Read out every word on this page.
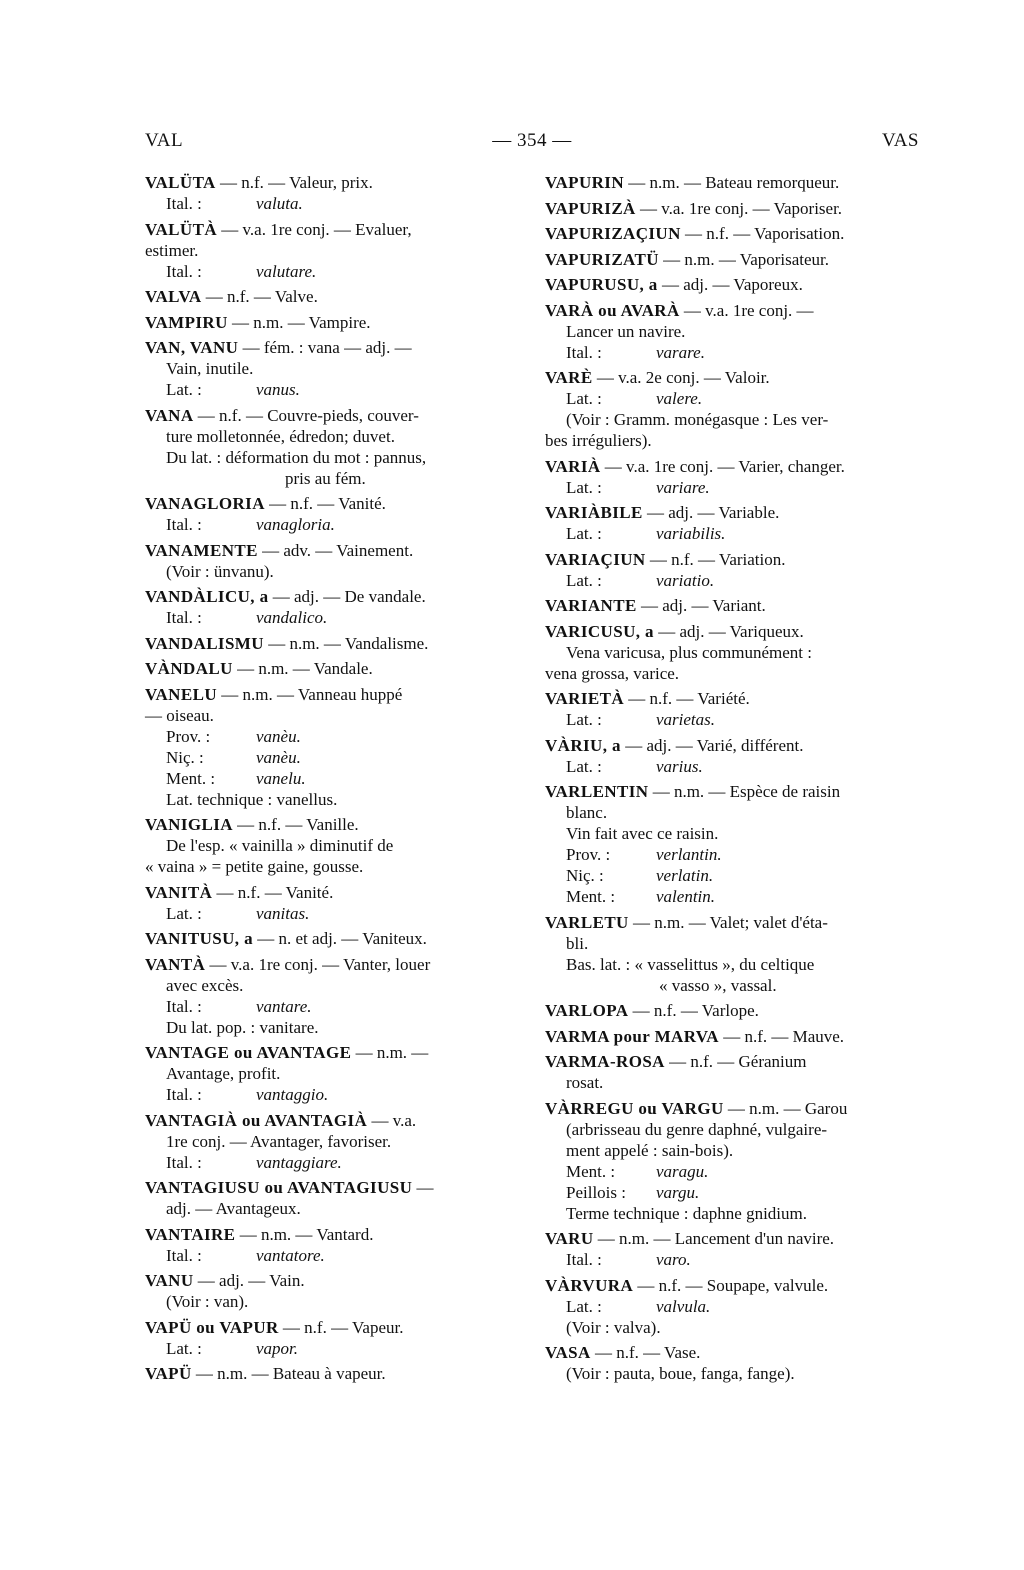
VAL	— 354 —	VAS
VALÜTA — n.f. — Valeur, prix.
Ital. :	valuta.
VALÜTÀ — v.a. 1re conj. — Evaluer,
estimer.
Ital. :	valutare.
VALVA — n.f. — Valve.
VAMPIRU — n.m. — Vampire.
VAN, VANU — fém. : vana — adj. —
Vain, inutile.
Lat. :	vanus.
VANA — n.f. — Couvre-pieds, couver-
ture molletonnée, édredon; duvet.
Du lat. : déformation du mot : pannus,
pris au fém.
VANAGLORIA — n.f. — Vanité.
Ital. :	vanagloria.
VANAMENTE — adv. — Vainement.
(Voir : ünvanu).
VANDÀLICU, a — adj. — De vandale.
Ital. :	vandalico.
VANDALISMU — n.m. — Vandalisme.
VÀNDALU — n.m. — Vandale.
VANELU — n.m. — Vanneau huppé
— oiseau.
Prov. :	vanèu.
Niç. :	vanèu.
Ment. : vanelu.
Lat. technique : vanellus.
VANIGLIA — n.f. — Vanille.
De l'esp. « vainilla » diminutif de
« vaina » = petite gaine, gousse.
VANITÀ — n.f. — Vanité.
Lat. :	vanitas.
VANITUSU, a — n. et adj. — Vaniteux.
VANTÀ — v.a. 1re conj. — Vanter, louer
avec excès.
Ital. :	vantare.
Du lat. pop. : vanitare.
VANTAGE ou AVANTAGE — n.m. —
Avantage, profit.
Ital. :	vantaggio.
VANTAGIÀ ou AVANTAGIÀ — v.a.
1re conj. — Avantager, favoriser.
Ital. :	vantaggiare.
VANTAGIUSU ou AVANTAGIUSU —
adj. — Avantageux.
VANTAIRE — n.m. — Vantard.
Ital. :	vantatore.
VANU — adj. — Vain.
(Voir : van).
VAPÜ ou VAPUR — n.f. — Vapeur.
Lat. :	vapor.
VAPÜ — n.m. — Bateau à vapeur.
VAPURIN — n.m. — Bateau remorqueur.
VAPURIZÀ — v.a. 1re conj. — Vaporiser.
VAPURIZAÇIUN — n.f. — Vaporisation.
VAPURIZATÜ — n.m. — Vaporisateur.
VAPURUSU, a — adj. — Vaporeux.
VARÀ ou AVARÀ — v.a. 1re conj. —
Lancer un navire.
Ital. :	varare.
VARÈ — v.a. 2e conj. — Valoir.
Lat. :	valere.
(Voir : Gramm. monégasque : Les ver-
bes irréguliers).
VARIÀ — v.a. 1re conj. — Varier, changer.
Lat. :	variare.
VARIÀBILE — adj. — Variable.
Lat. :	variabilis.
VARIAÇIUN — n.f. — Variation.
Lat. :	variatio.
VARIANTE — adj. — Variant.
VARICUSU, a — adj. — Variqueux.
Vena varicusa, plus communément :
vena grossa, varice.
VARIETÀ — n.f. — Variété.
Lat. :	varietas.
VÀRIU, a — adj. — Varié, différent.
Lat. :	varius.
VARLENTIN — n.m. — Espèce de raisin
blanc.
Vin fait avec ce raisin.
Prov. :	verlantin.
Niç. :	verlatin.
Ment. : valentin.
VARLETU — n.m. — Valet; valet d'éta-
bli.
Bas. lat. : « vasselittus », du celtique
« vasso », vassal.
VARLOPA — n.f. — Varlope.
VARMA pour MARVA — n.f. — Mauve.
VARMA-ROSA — n.f. — Géranium
rosat.
VÀRREGU ou VARGU — n.m. — Garou
(arbrisseau du genre daphné, vulgaire-
ment appelé : sain-bois).
Ment. : varagu.
Peillois : vargu.
Terme technique : daphne gnidium.
VARU — n.m. — Lancement d'un navire.
Ital. :	varo.
VÀRVURA — n.f. — Soupape, valvule.
Lat. :	valvula.
(Voir : valva).
VASA — n.f. — Vase.
(Voir : pauta, boue, fanga, fange).
